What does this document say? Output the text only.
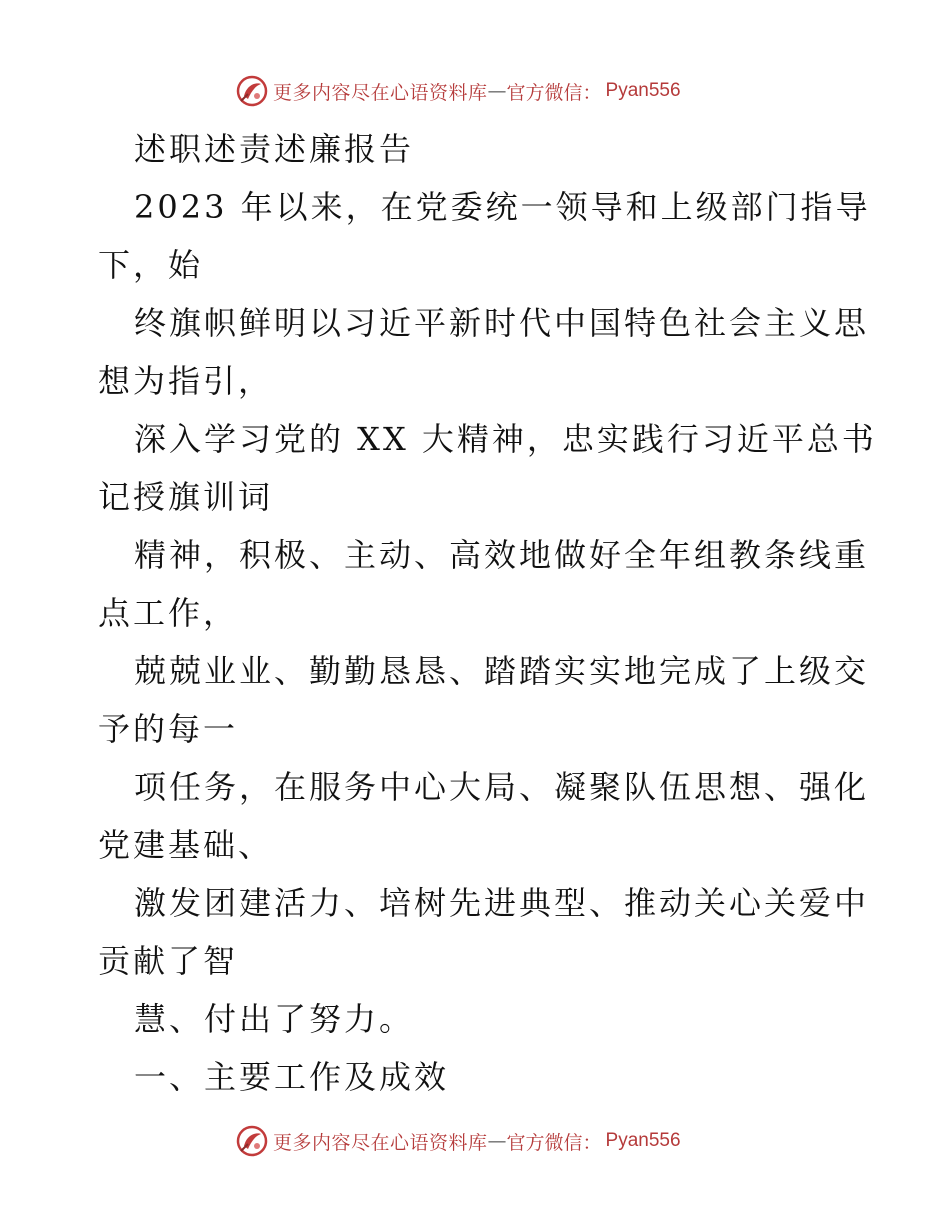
更多内容尽在心语资料库 — 官方微信： Pyan556
述职述责述廉报告
2023 年以来，在党委统一领导和上级部门指导
下，始
终旗帜鲜明以习近平新时代中国特色社会主义思
想为指引，
深入学习党的 XX 大精神，忠实践行习近平总书
记授旗训词
精神，积极、主动、高效地做好全年组教条线重
点工作，
兢兢业业、勤勤恳恳、踏踏实实地完成了上级交
予的每一
项任务，在服务中心大局、凝聚队伍思想、强化
党建基础、
激发团建活力、培树先进典型、推动关心关爱中
贡献了智
慧、付出了努力。
一、主要工作及成效
更多内容尽在心语资料库 — 官方微信： Pyan556
